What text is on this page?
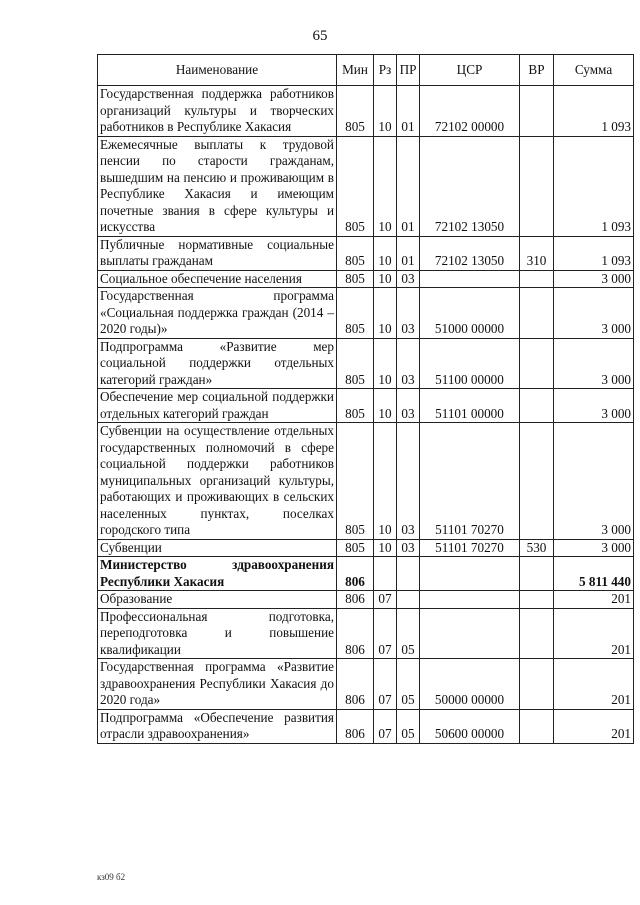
65
Наименование	Мин	Рз	ПР	ЦСР	ВР	Сумма
Государственная поддержка работников организаций культуры и творческих работников в Республике Хакасия	805	10	01	72102 00000		1 093
Ежемесячные выплаты к трудовой пенсии по старости гражданам, вышедшим на пенсию и проживающим в Республике Хакасия и имеющим почетные звания в сфере культуры и искусства	805	10	01	72102 13050		1 093
Публичные нормативные социальные выплаты гражданам	805	10	01	72102 13050	310	1 093
Социальное обеспечение населения	805	10	03			3 000
Государственная программа «Социальная поддержка граждан (2014 – 2020 годы)»	805	10	03	51000 00000		3 000
Подпрограмма «Развитие мер социальной поддержки отдельных категорий граждан»	805	10	03	51100 00000		3 000
Обеспечение мер социальной поддержки отдельных категорий граждан	805	10	03	51101 00000		3 000
Субвенции на осуществление отдельных государственных полномочий в сфере социальной поддержки работников муниципальных организаций культуры, работающих и проживающих в сельских населенных пунктах, поселках городского типа	805	10	03	51101 70270		3 000
Субвенции	805	10	03	51101 70270	530	3 000
Министерство здравоохранения Республики Хакасия	806					5 811 440
Образование	806	07				201
Профессиональная подготовка, переподготовка и повышение квалификации	806	07	05			201
Государственная программа «Развитие здравоохранения Республики Хакасия до 2020 года»	806	07	05	50000 00000		201
Подпрограмма «Обеспечение развития отрасли здравоохранения»	806	07	05	50600 00000		201
кз09 б2
